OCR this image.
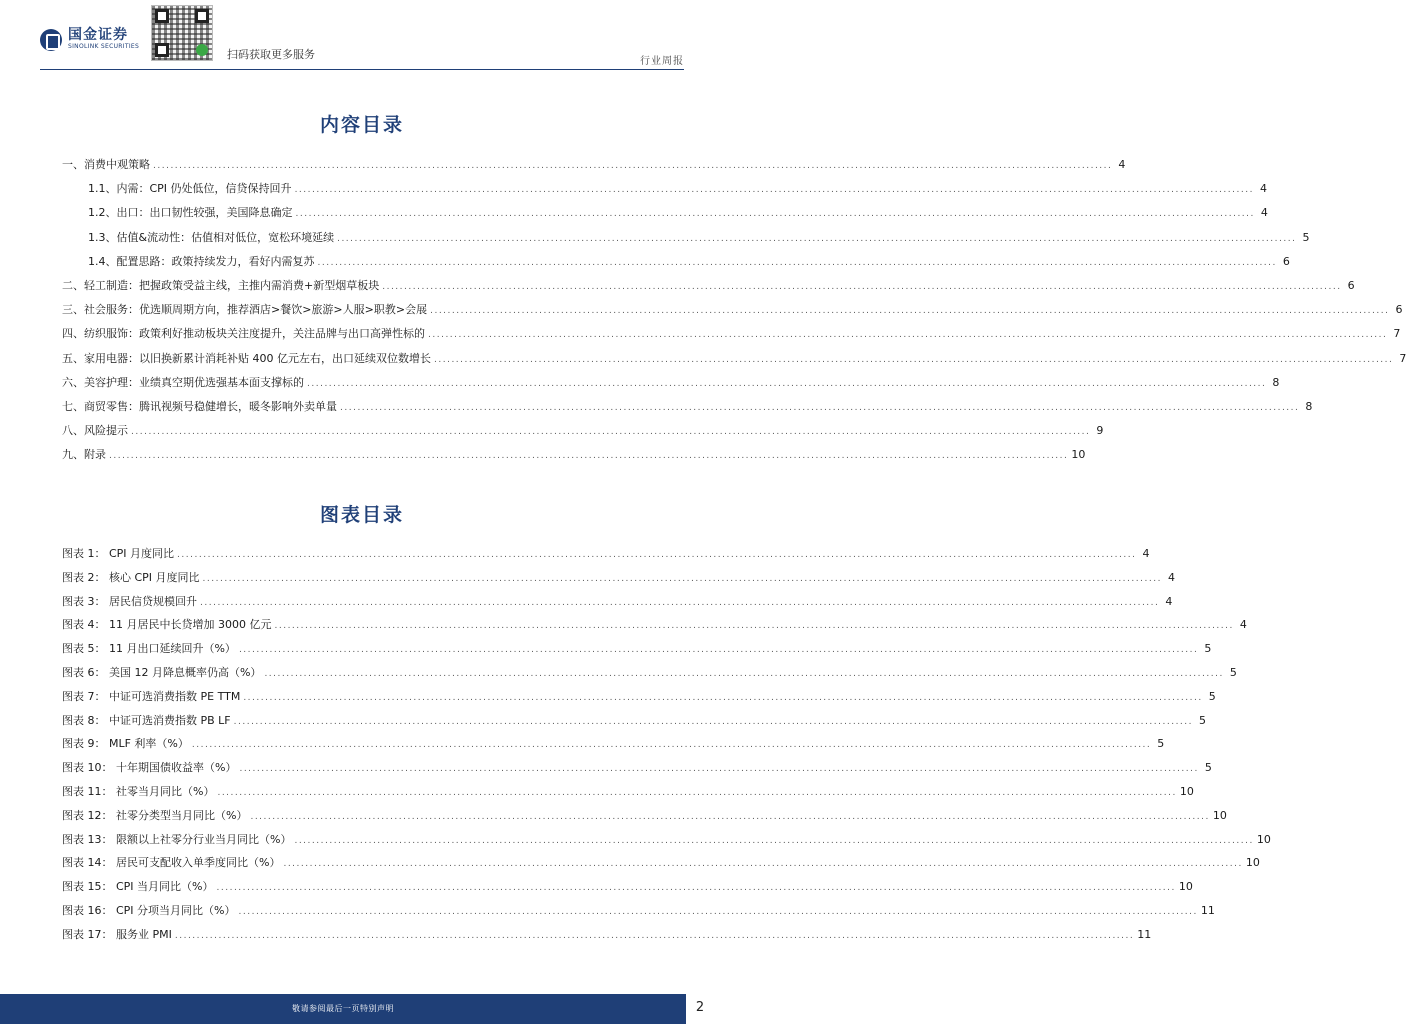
国金证券
SINOLINK SECURITIES
扫码获取更多服务
行业周报
内容目录
一、消费中观策略 ............................................................................................................................................................................................................................ 4
1.1、内需：CPI 仍处低位，信贷保持回升 ............................................................................................................................................................................................................................ 4
1.2、出口：出口韧性较强，美国降息确定 ............................................................................................................................................................................................................................ 4
1.3、估值&流动性：估值相对低位，宽松环境延续 ............................................................................................................................................................................................................................ 5
1.4、配置思路：政策持续发力，看好内需复苏 ............................................................................................................................................................................................................................ 6
二、轻工制造：把握政策受益主线，主推内需消费+新型烟草板块 ............................................................................................................................................................................................................................ 6
三、社会服务：优选顺周期方向，推荐酒店>餐饮>旅游>人服>职教>会展 ............................................................................................................................................................................................................................ 6
四、纺织服饰：政策利好推动板块关注度提升，关注品牌与出口高弹性标的 ............................................................................................................................................................................................................................ 7
五、家用电器：以旧换新累计消耗补贴 400 亿元左右，出口延续双位数增长 ............................................................................................................................................................................................................................ 7
六、美容护理：业绩真空期优选强基本面支撑标的 ............................................................................................................................................................................................................................ 8
七、商贸零售：腾讯视频号稳健增长，暖冬影响外卖单量 ............................................................................................................................................................................................................................ 8
八、风险提示 ............................................................................................................................................................................................................................ 9
九、附录 ............................................................................................................................................................................................................................ 10
图表目录
图表 1： CPI 月度同比 ............................................................................................................................................................................................................................ 4
图表 2： 核心 CPI 月度同比 ............................................................................................................................................................................................................................ 4
图表 3： 居民信贷规模回升 ............................................................................................................................................................................................................................ 4
图表 4： 11 月居民中长贷增加 3000 亿元 ............................................................................................................................................................................................................................ 4
图表 5： 11 月出口延续回升（%） ............................................................................................................................................................................................................................ 5
图表 6： 美国 12 月降息概率仍高（%） ............................................................................................................................................................................................................................ 5
图表 7： 中证可选消费指数 PE TTM ............................................................................................................................................................................................................................ 5
图表 8： 中证可选消费指数 PB LF ............................................................................................................................................................................................................................ 5
图表 9： MLF 利率（%） ............................................................................................................................................................................................................................ 5
图表 10： 十年期国债收益率（%） ............................................................................................................................................................................................................................ 5
图表 11： 社零当月同比（%） ............................................................................................................................................................................................................................ 10
图表 12： 社零分类型当月同比（%） ............................................................................................................................................................................................................................ 10
图表 13： 限额以上社零分行业当月同比（%） ............................................................................................................................................................................................................................ 10
图表 14： 居民可支配收入单季度同比（%） ............................................................................................................................................................................................................................ 10
图表 15： CPI 当月同比（%） ............................................................................................................................................................................................................................ 10
图表 16： CPI 分项当月同比（%） ............................................................................................................................................................................................................................ 11
图表 17： 服务业 PMI ............................................................................................................................................................................................................................ 11
敬请参阅最后一页特别声明	2
